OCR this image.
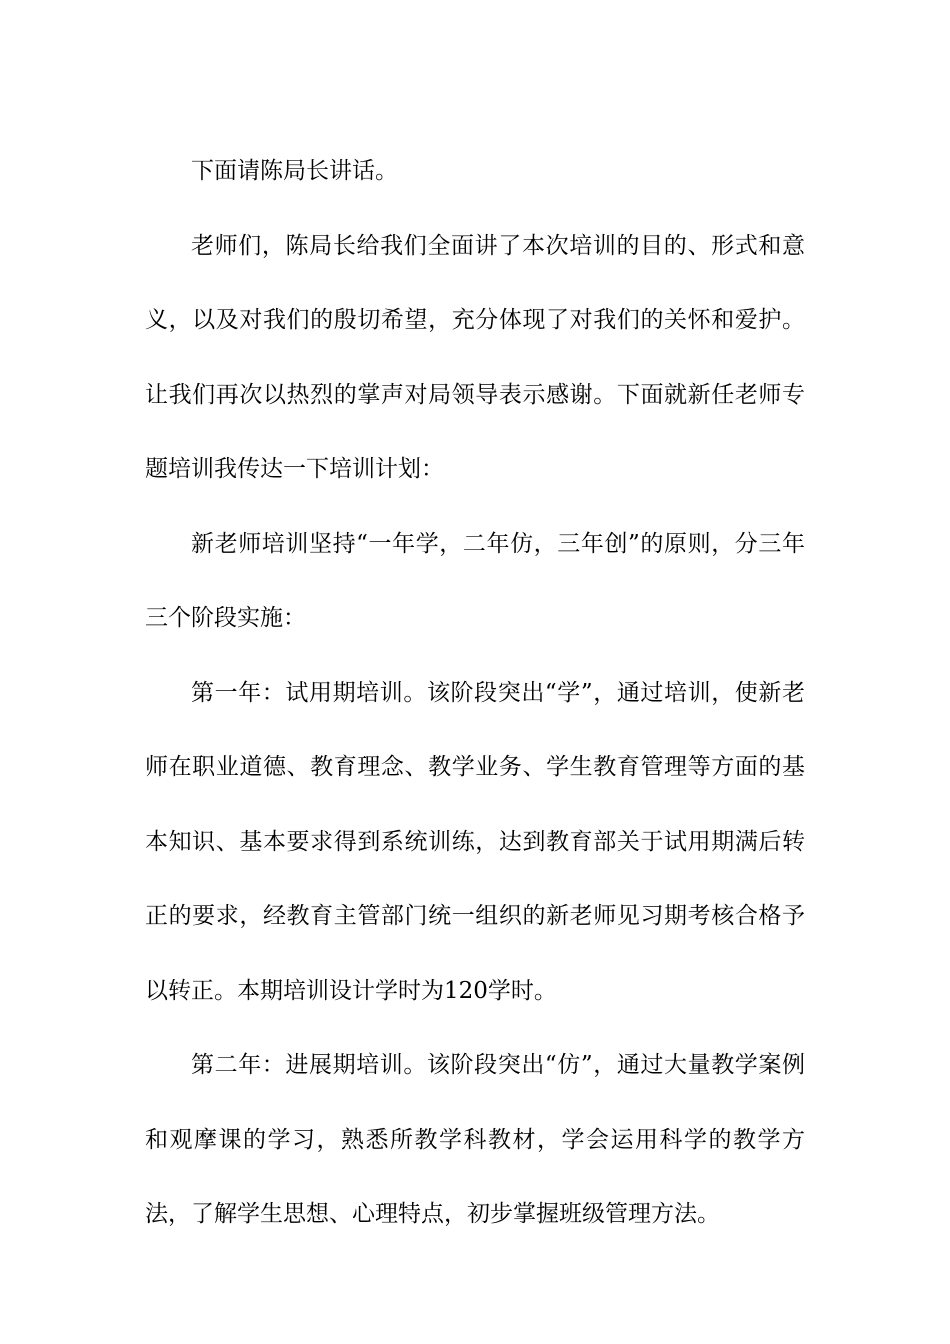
下面请陈局长讲话。

老师们，陈局长给我们全面讲了本次培训的目的、形式和意义，以及对我们的殷切希望，充分体现了对我们的关怀和爱护。让我们再次以热烈的掌声对局领导表示感谢。下面就新任老师专题培训我传达一下培训计划：

新老师培训坚持“一年学，二年仿，三年创”的原则，分三年三个阶段实施：

第一年：试用期培训。该阶段突出“学”，通过培训，使新老师在职业道德、教育理念、教学业务、学生教育管理等方面的基本知识、基本要求得到系统训练，达到教育部关于试用期满后转正的要求，经教育主管部门统一组织的新老师见习期考核合格予以转正。本期培训设计学时为120学时。

第二年：进展期培训。该阶段突出“仿”，通过大量教学案例和观摩课的学习，熟悉所教学科教材，学会运用科学的教学方法，了解学生思想、心理特点，初步掌握班级管理方法。
